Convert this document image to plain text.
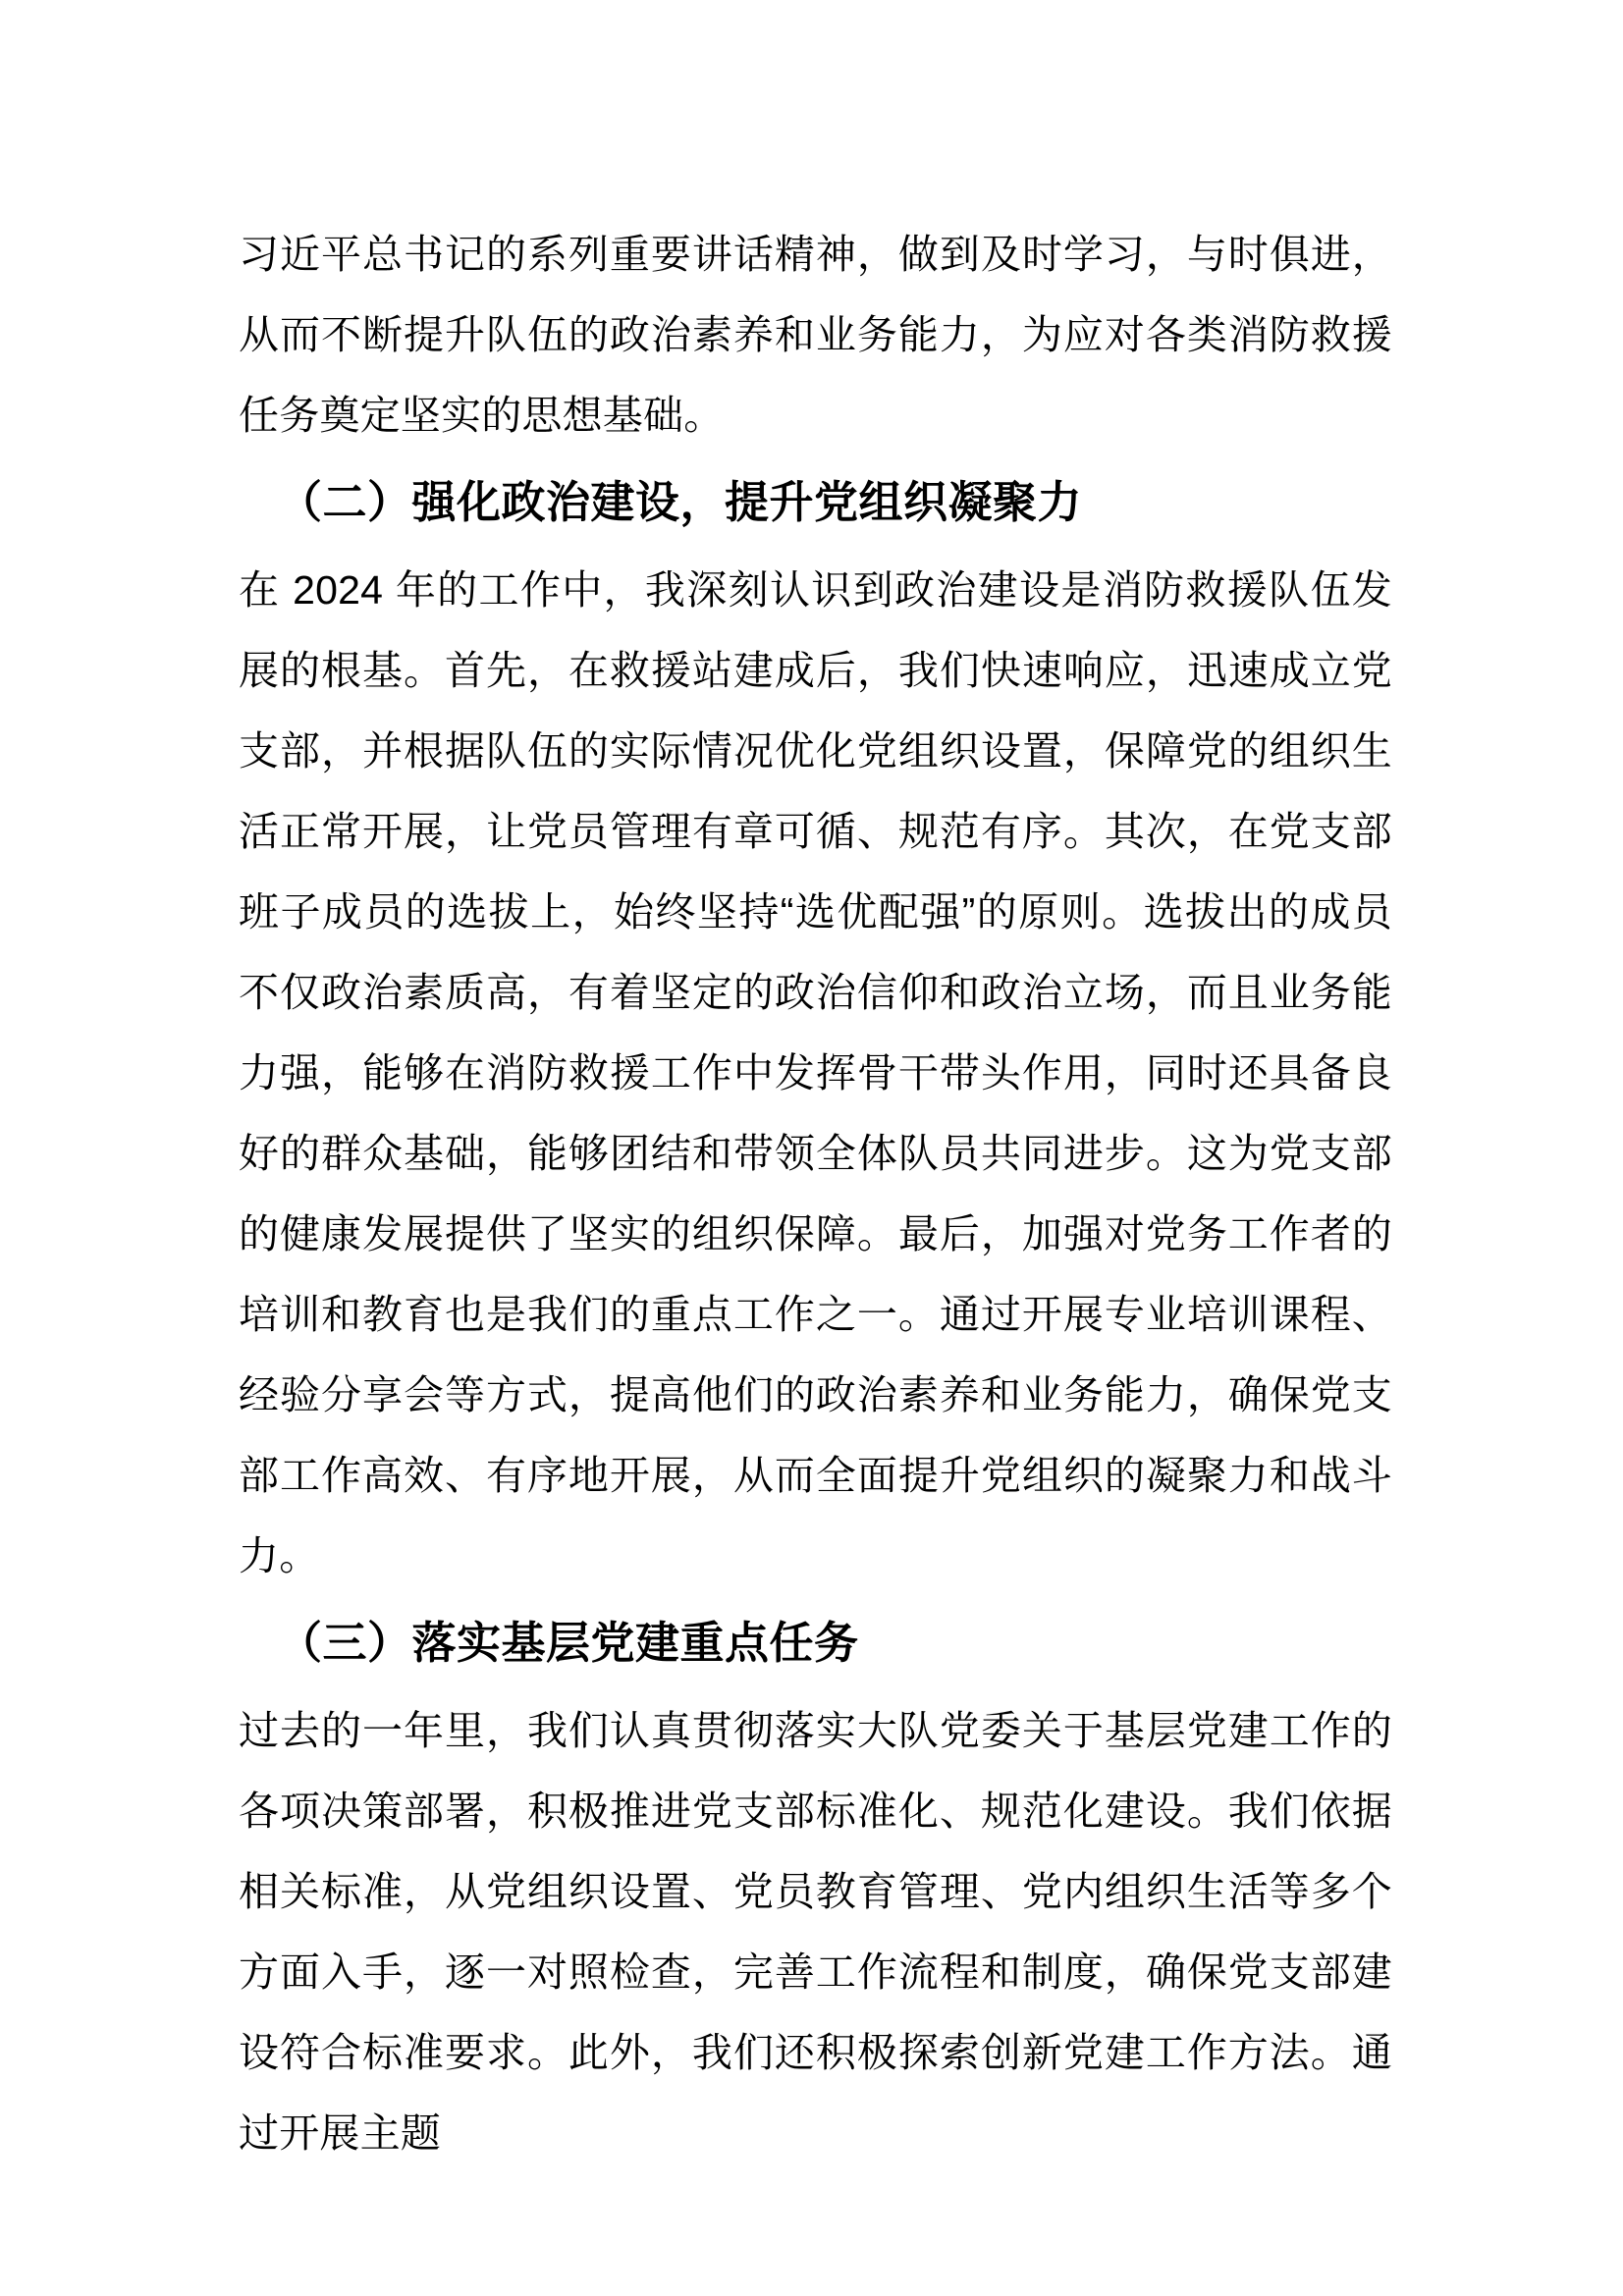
习近平总书记的系列重要讲话精神，做到及时学习，与时俱进，从而不断提升队伍的政治素养和业务能力，为应对各类消防救援任务奠定坚实的思想基础。

（二）强化政治建设，提升党组织凝聚力

在 2024 年的工作中，我深刻认识到政治建设是消防救援队伍发展的根基。首先，在救援站建成后，我们快速响应，迅速成立党支部，并根据队伍的实际情况优化党组织设置，保障党的组织生活正常开展，让党员管理有章可循、规范有序。其次，在党支部班子成员的选拔上，始终坚持“选优配强”的原则。选拔出的成员不仅政治素质高，有着坚定的政治信仰和政治立场，而且业务能力强，能够在消防救援工作中发挥骨干带头作用，同时还具备良好的群众基础，能够团结和带领全体队员共同进步。这为党支部的健康发展提供了坚实的组织保障。最后，加强对党务工作者的培训和教育也是我们的重点工作之一。通过开展专业培训课程、经验分享会等方式，提高他们的政治素养和业务能力，确保党支部工作高效、有序地开展，从而全面提升党组织的凝聚力和战斗力。

（三）落实基层党建重点任务

过去的一年里，我们认真贯彻落实大队党委关于基层党建工作的各项决策部署，积极推进党支部标准化、规范化建设。我们依据相关标准，从党组织设置、党员教育管理、党内组织生活等多个方面入手，逐一对照检查，完善工作流程和制度，确保党支部建设符合标准要求。此外，我们还积极探索创新党建工作方法。通过开展主题
